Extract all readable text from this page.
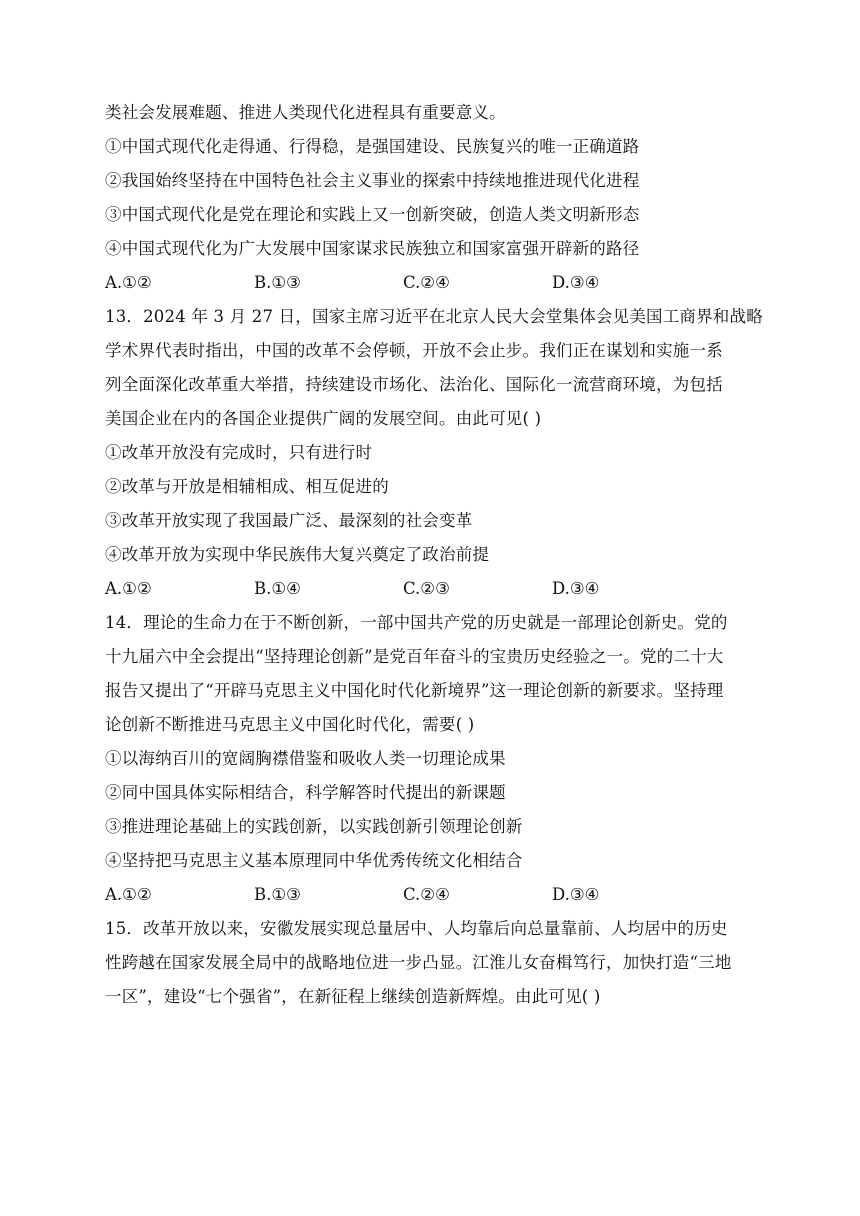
类社会发展难题、推进人类现代化进程具有重要意义。
①中国式现代化走得通、行得稳，是强国建设、民族复兴的唯一正确道路
②我国始终坚持在中国特色社会主义事业的探索中持续地推进现代化进程
③中国式现代化是党在理论和实践上又一创新突破，创造人类文明新形态
④中国式现代化为广大发展中国家谋求民族独立和国家富强开辟新的路径
A.①②	B.①③	C.②④	D.③④
13．2024 年 3 月 27 日，国家主席习近平在北京人民大会堂集体会见美国工商界和战略
学术界代表时指出，中国的改革不会停顿，开放不会止步。我们正在谋划和实施一系
列全面深化改革重大举措，持续建设市场化、法治化、国际化一流营商环境，为包括
美国企业在内的各国企业提供广阔的发展空间。由此可见( )
①改革开放没有完成时，只有进行时
②改革与开放是相辅相成、相互促进的
③改革开放实现了我国最广泛、最深刻的社会变革
④改革开放为实现中华民族伟大复兴奠定了政治前提
A.①②	B.①④	C.②③	D.③④
14．理论的生命力在于不断创新，一部中国共产党的历史就是一部理论创新史。党的
十九届六中全会提出“坚持理论创新”是党百年奋斗的宝贵历史经验之一。党的二十大
报告又提出了“开辟马克思主义中国化时代化新境界”这一理论创新的新要求。坚持理
论创新不断推进马克思主义中国化时代化，需要( )
①以海纳百川的宽阔胸襟借鉴和吸收人类一切理论成果
②同中国具体实际相结合，科学解答时代提出的新课题
③推进理论基础上的实践创新，以实践创新引领理论创新
④坚持把马克思主义基本原理同中华优秀传统文化相结合
A.①②	B.①③	C.②④	D.③④
15．改革开放以来，安徽发展实现总量居中、人均靠后向总量靠前、人均居中的历史
性跨越在国家发展全局中的战略地位进一步凸显。江淮儿女奋楫笃行，加快打造“三地
一区”，建设“七个强省”，在新征程上继续创造新辉煌。由此可见( )
